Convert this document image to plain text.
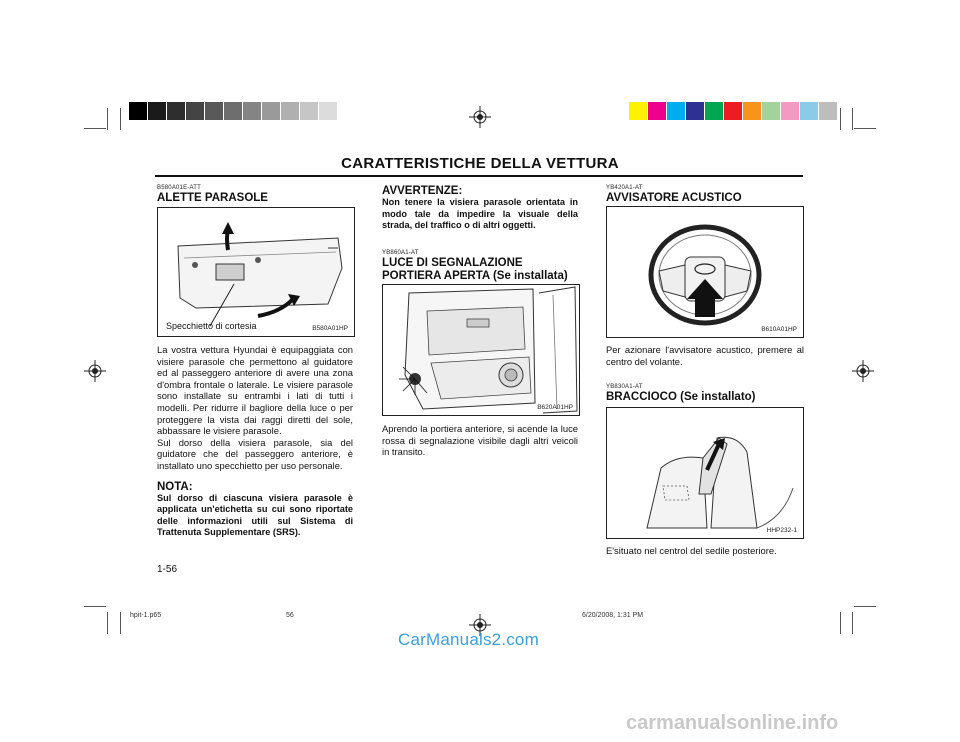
CARATTERISTICHE DELLA VETTURA
B580A01E-ATT
ALETTE PARASOLE
Specchietto di cortesia	B580A01HP
La vostra vettura Hyundai è equipaggiata con visiere parasole che permettono al guidatore ed al passeggero anteriore di avere una zona d'ombra frontale o laterale. Le visiere parasole sono installate su entrambi i lati di tutti i modelli. Per ridurre il bagliore della luce o per proteggere la vista dai raggi diretti del sole, abbassare le visiere parasole.
Sul dorso della visiera parasole, sia del guidatore che del passeggero anteriore, è installato uno specchietto per uso personale.
NOTA:
Sul dorso di ciascuna visiera parasole è applicata un'etichetta su cui sono riportate delle informazioni utili sul Sistema di Trattenuta Supplementare (SRS).
1-56
AVVERTENZE:
Non tenere la visiera parasole orientata in modo tale da impedire la visuale della strada, del traffico o di altri oggetti.
YB860A1-AT
LUCE DI SEGNALAZIONE PORTIERA APERTA (Se installata)
B620A01HP
Aprendo la portiera anteriore, si acende la luce rossa di segnalazione visibile dagli altri veicoli in transito.
YB420A1-AT
AVVISATORE ACUSTICO
B610A01HP
Per azionare l'avvisatore acustico, premere al centro del volante.
YB830A1-AT
BRACCIOCO (Se installato)
HHP232-1
E'situato nel centrol del sedile posteriore.
hpit-1.p65	56	6/20/2008, 1:31 PM
CarManuals2.com
carmanualsonline.info
